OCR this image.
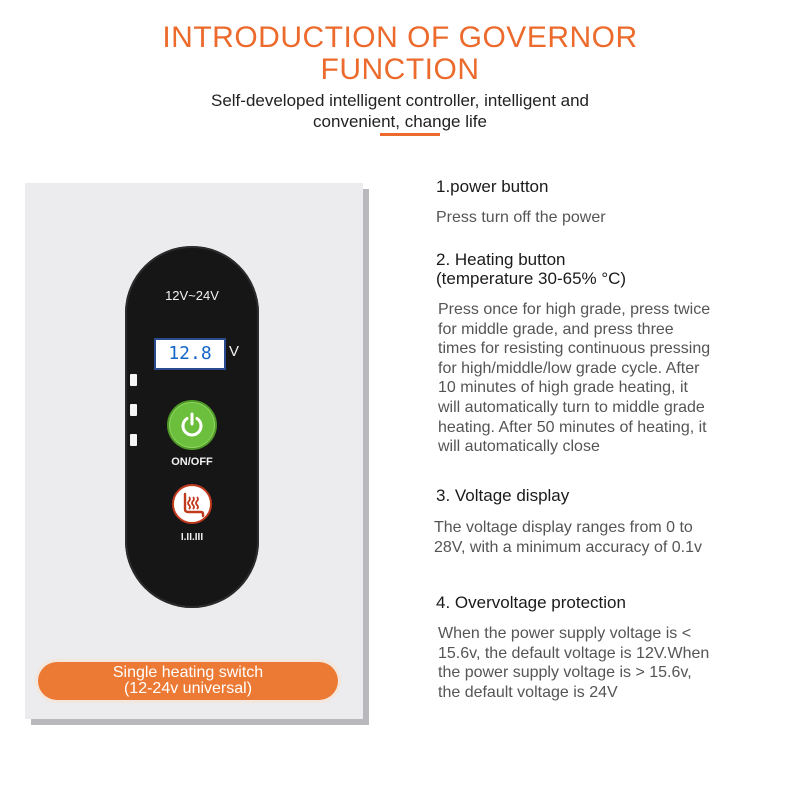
INTRODUCTION OF GOVERNOR
FUNCTION
Self-developed intelligent controller, intelligent and
convenient, change life
12V~24V
12.8	V
ON/OFF
I.II.III
Single heating switch
(12-24v universal)
1.power button
Press turn off the power
2. Heating button
(temperature 30-65% °C)
Press once for high grade, press twice
for middle grade, and press three
times for resisting continuous pressing
for high/middle/low grade cycle. After
10 minutes of high grade heating, it
will automatically turn to middle grade
heating. After 50 minutes of heating, it
will automatically close
3. Voltage display
The voltage display ranges from 0 to
28V, with a minimum accuracy of 0.1v
4. Overvoltage protection
When the power supply voltage is <
15.6v, the default voltage is 12V.When
the power supply voltage is > 15.6v,
the default voltage is 24V
